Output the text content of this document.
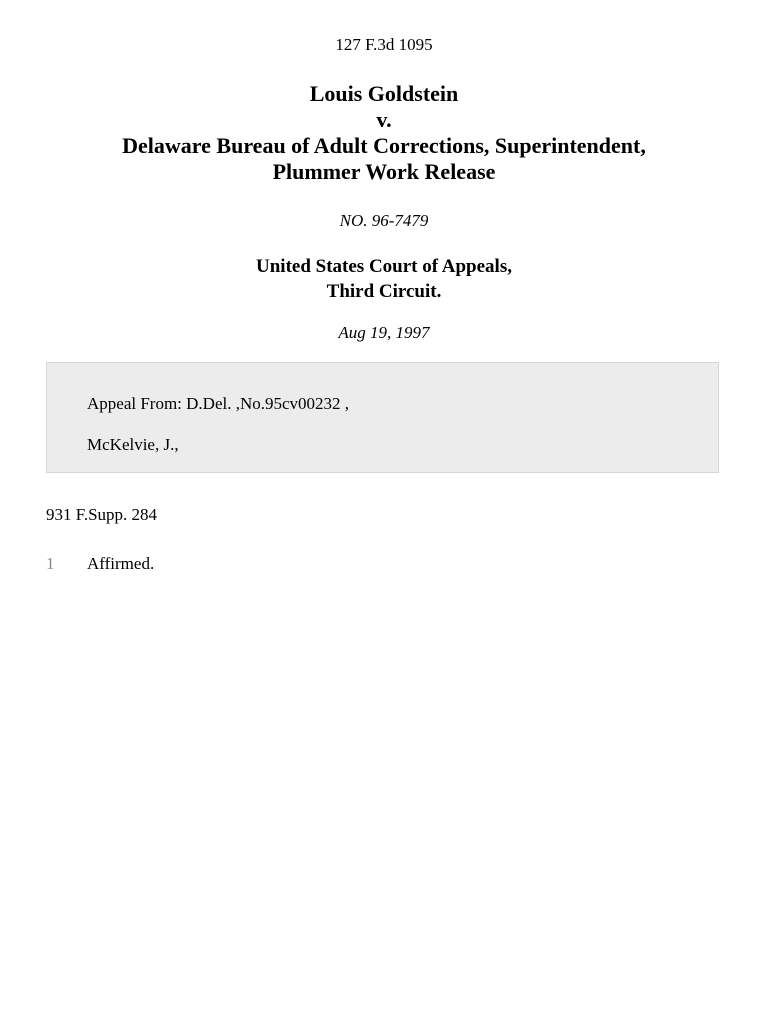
127 F.3d 1095
Louis Goldstein
v.
Delaware Bureau of Adult Corrections, Superintendent,
Plummer Work Release
NO. 96-7479
United States Court of Appeals,
Third Circuit.
Aug 19, 1997
Appeal From: D.Del. ,No.95cv00232 ,
McKelvie, J.,
931 F.Supp. 284
1	Affirmed.
